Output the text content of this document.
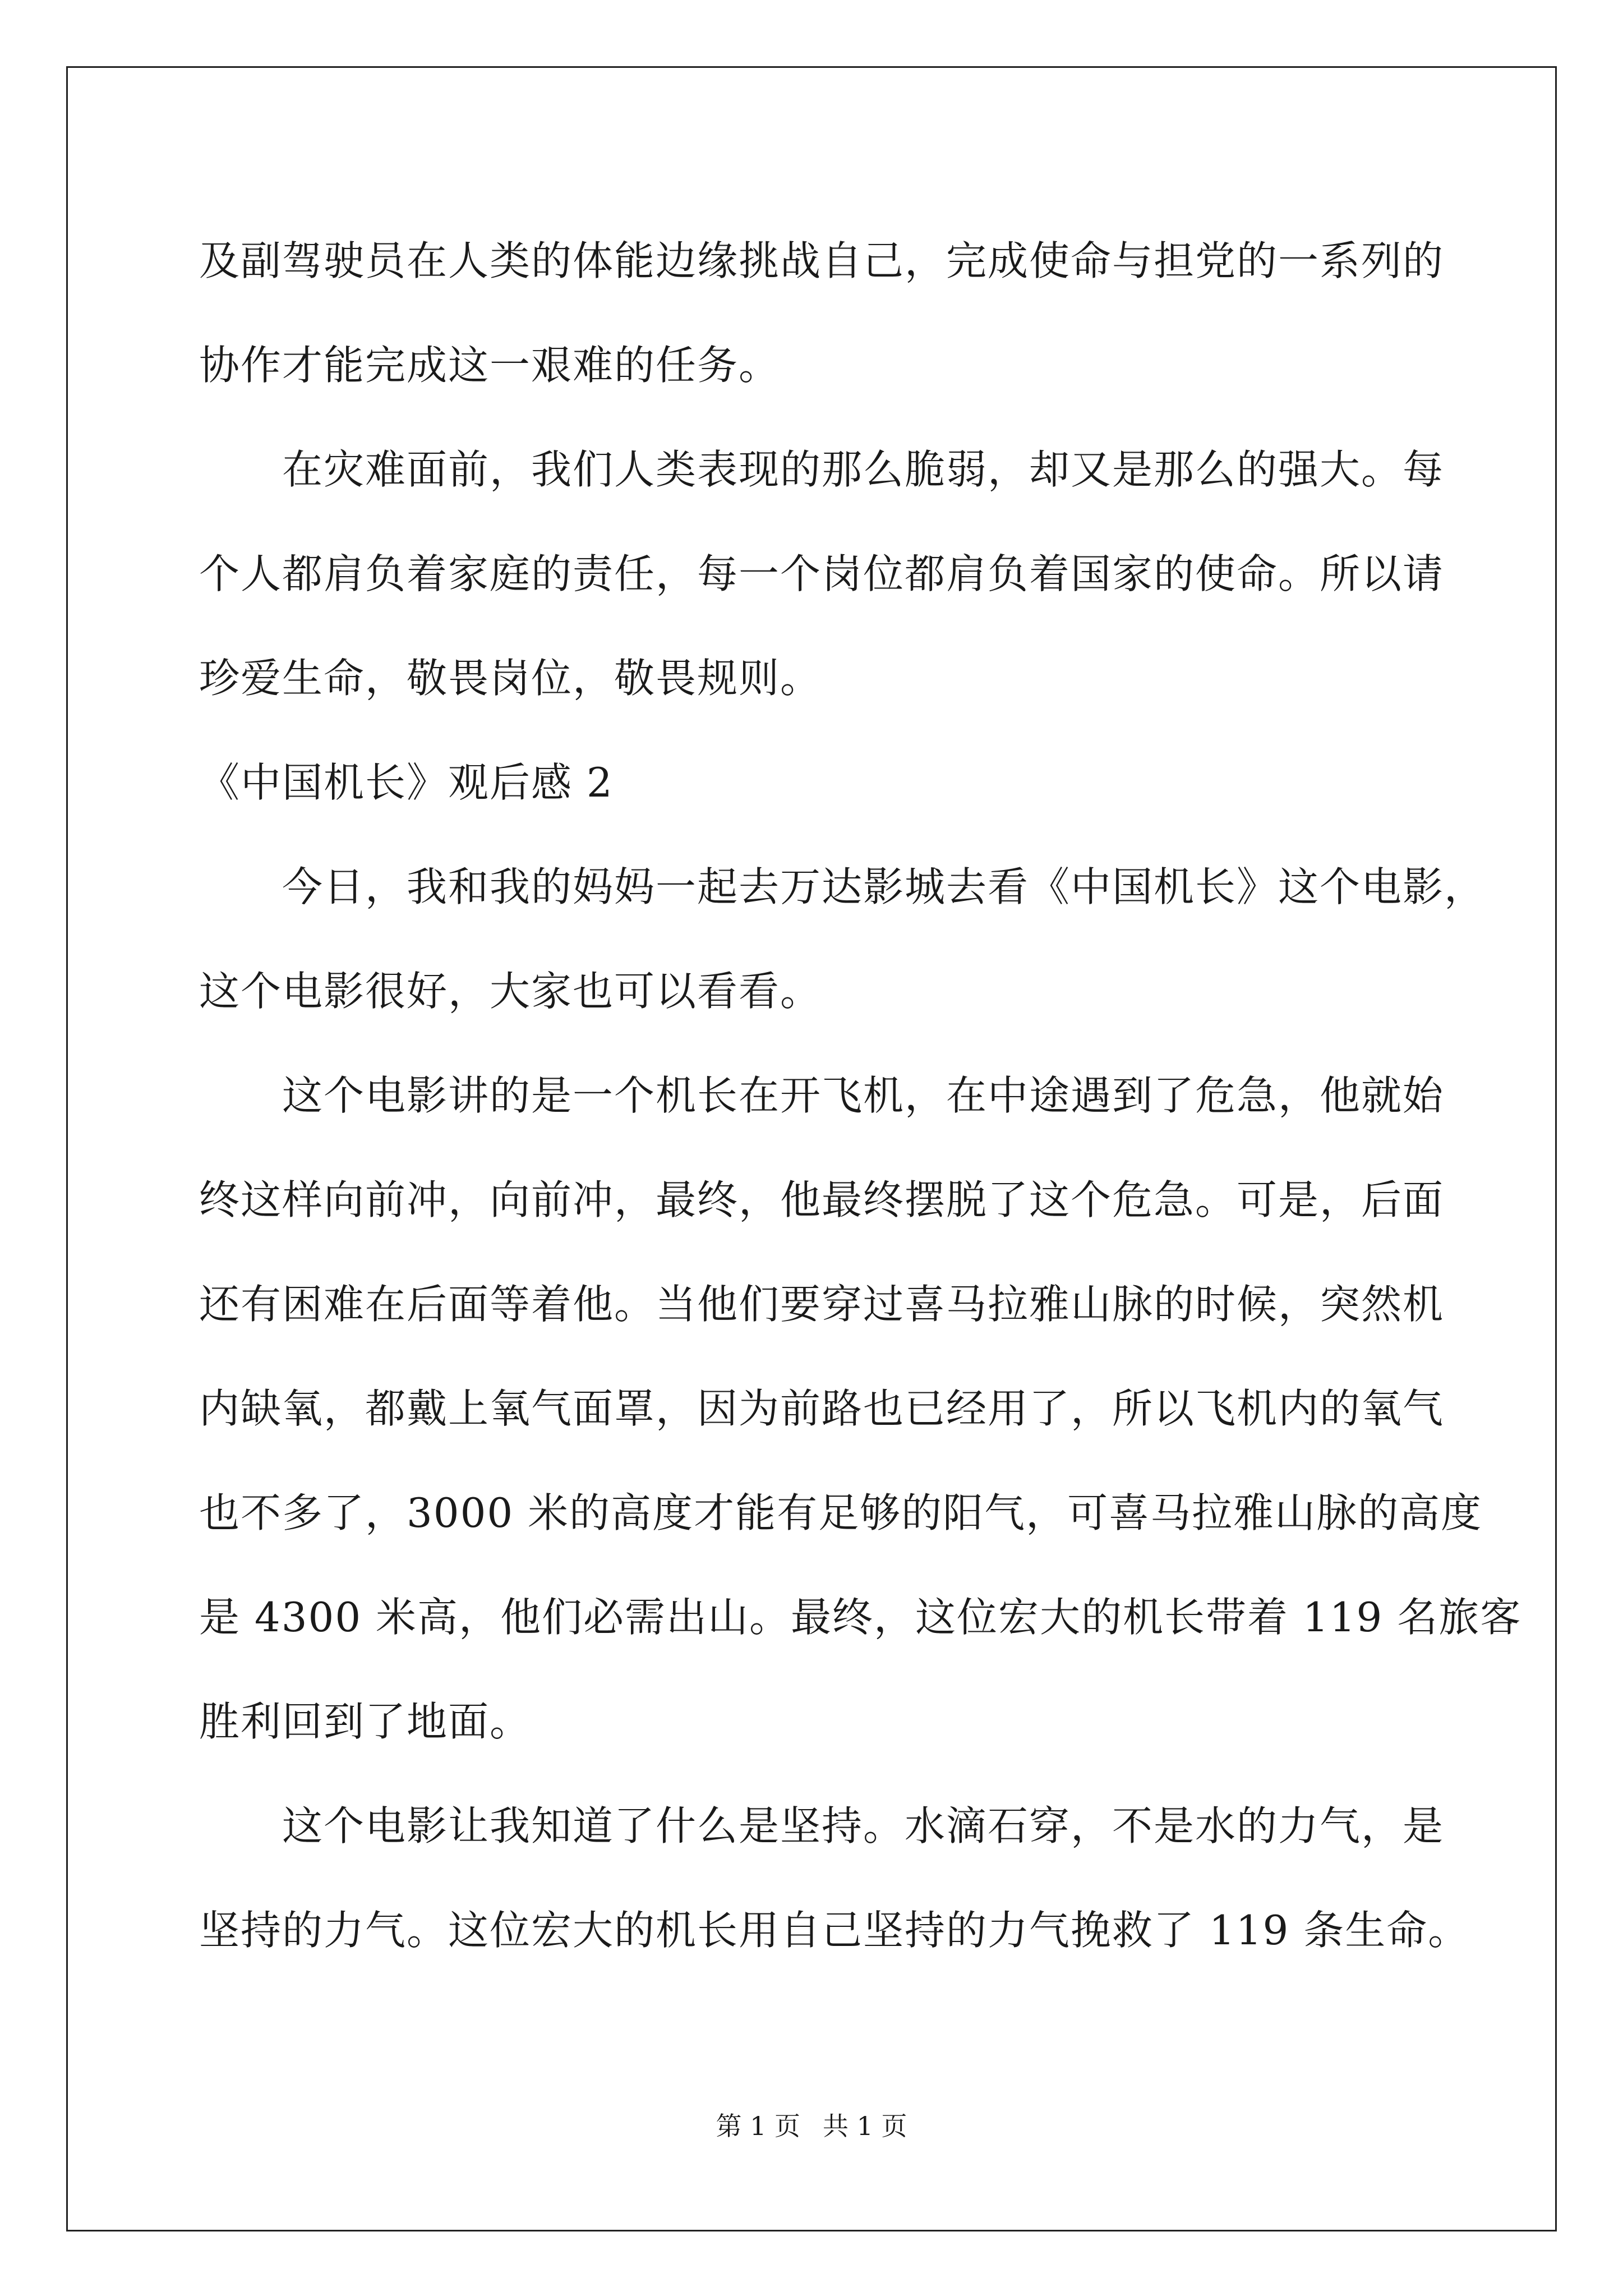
及副驾驶员在人类的体能边缘挑战自己，完成使命与担党的一系列的
协作才能完成这一艰难的任务。
在灾难面前，我们人类表现的那么脆弱，却又是那么的强大。每
个人都肩负着家庭的责任，每一个岗位都肩负着国家的使命。所以请
珍爱生命，敬畏岗位，敬畏规则。
《中国机长》观后感 2
今日，我和我的妈妈一起去万达影城去看《中国机长》这个电影，
这个电影很好，大家也可以看看。
这个电影讲的是一个机长在开飞机，在中途遇到了危急，他就始
终这样向前冲，向前冲，最终，他最终摆脱了这个危急。可是，后面
还有困难在后面等着他。当他们要穿过喜马拉雅山脉的时候，突然机
内缺氧，都戴上氧气面罩，因为前路也已经用了，所以飞机内的氧气
也不多了，3000 米的高度才能有足够的阳气，可喜马拉雅山脉的高度
是 4300 米高，他们必需出山。最终，这位宏大的机长带着 119 名旅客
胜利回到了地面。
这个电影让我知道了什么是坚持。水滴石穿，不是水的力气，是
坚持的力气。这位宏大的机长用自己坚持的力气挽救了 119 条生命。
第 1 页 共 1 页
